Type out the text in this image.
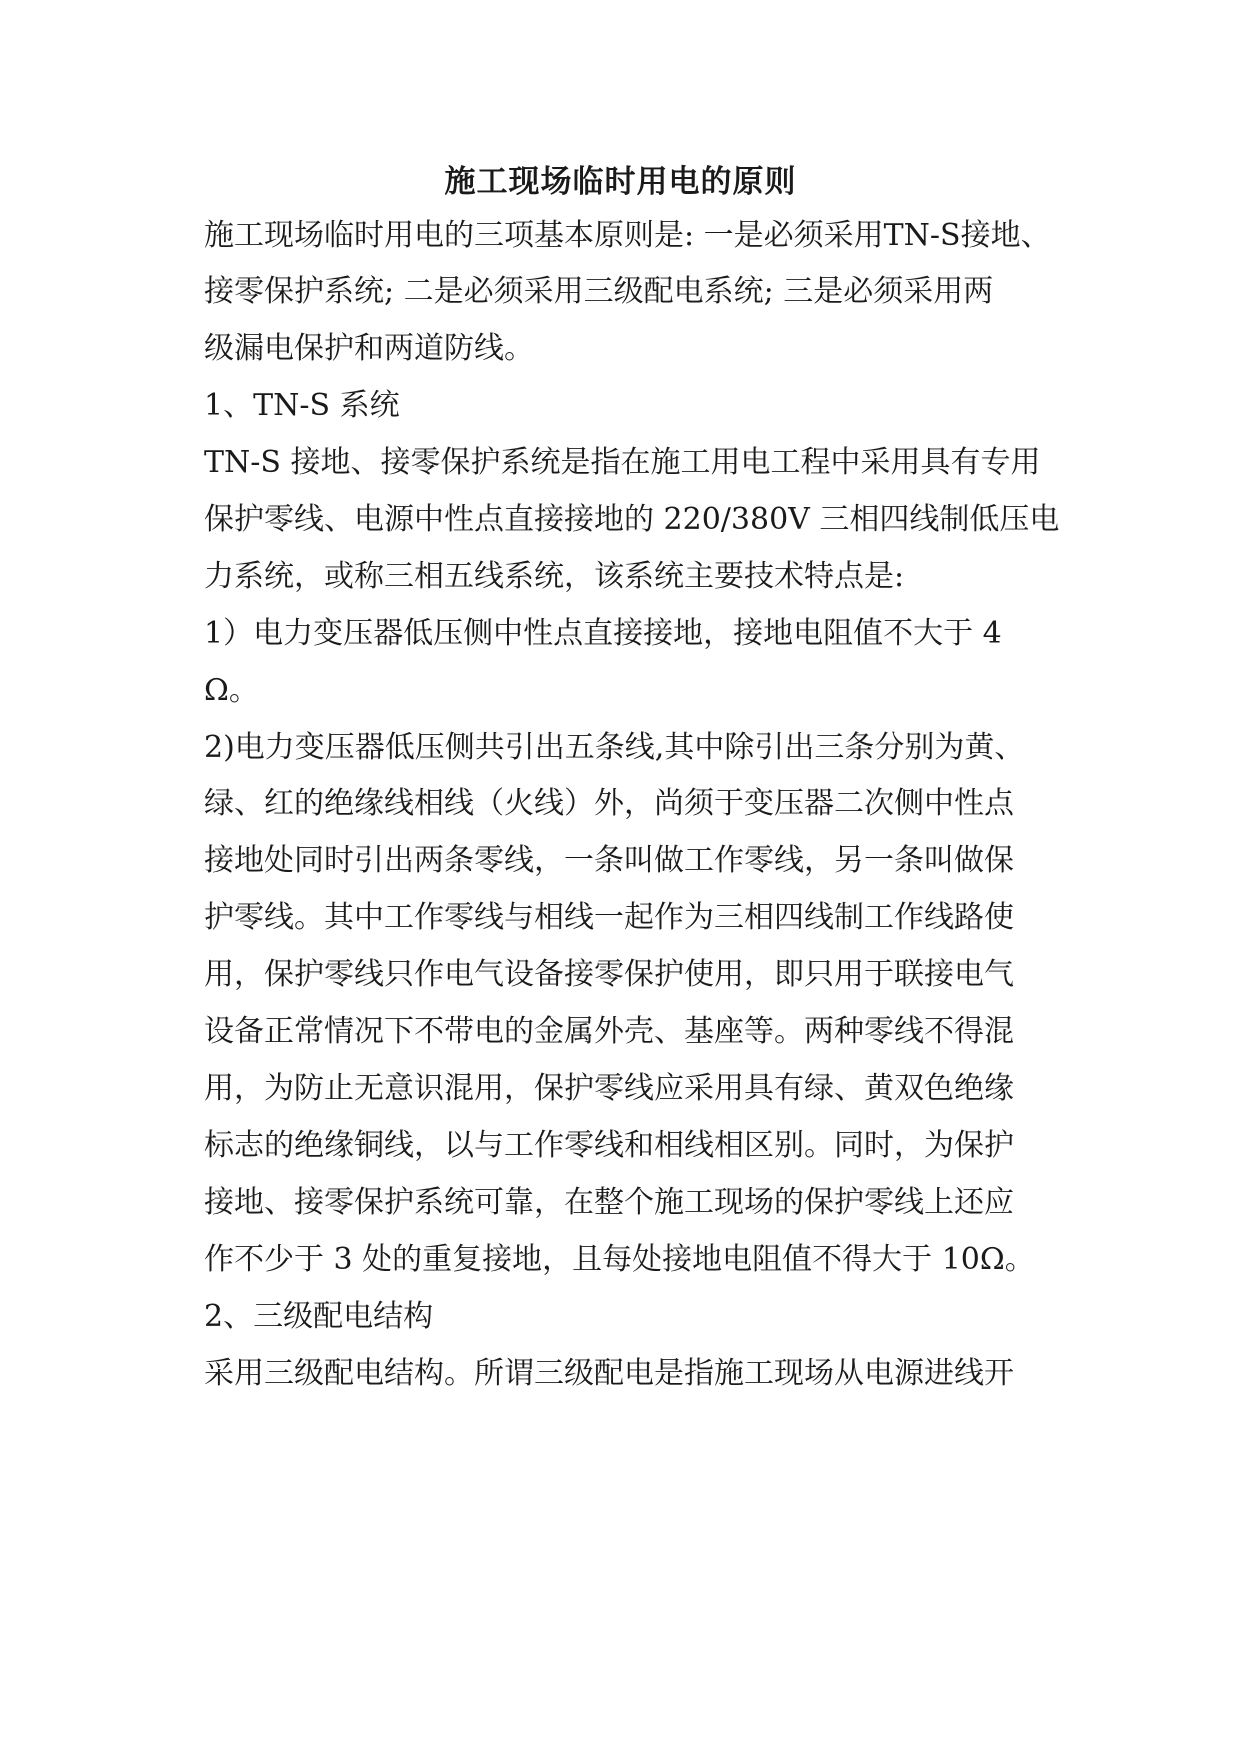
施工现场临时用电的原则
施工现场临时用电的三项基本原则是: 一是必须采用TN-S接地、
接零保护系统; 二是必须采用三级配电系统; 三是必须采用两
级漏电保护和两道防线。
1、TN-S 系统
TN-S 接地、接零保护系统是指在施工用电工程中采用具有专用
保护零线、电源中性点直接接地的 220/380V 三相四线制低压电
力系统，或称三相五线系统，该系统主要技术特点是:
1）电力变压器低压侧中性点直接接地，接地电阻值不大于 4
Ω。
2)电力变压器低压侧共引出五条线,其中除引出三条分别为黄、
绿、红的绝缘线相线（火线）外，尚须于变压器二次侧中性点
接地处同时引出两条零线，一条叫做工作零线，另一条叫做保
护零线。其中工作零线与相线一起作为三相四线制工作线路使
用，保护零线只作电气设备接零保护使用，即只用于联接电气
设备正常情况下不带电的金属外壳、基座等。两种零线不得混
用，为防止无意识混用，保护零线应采用具有绿、黄双色绝缘
标志的绝缘铜线，以与工作零线和相线相区别。同时，为保护
接地、接零保护系统可靠，在整个施工现场的保护零线上还应
作不少于 3 处的重复接地，且每处接地电阻值不得大于 10Ω。
2、三级配电结构
采用三级配电结构。所谓三级配电是指施工现场从电源进线开
